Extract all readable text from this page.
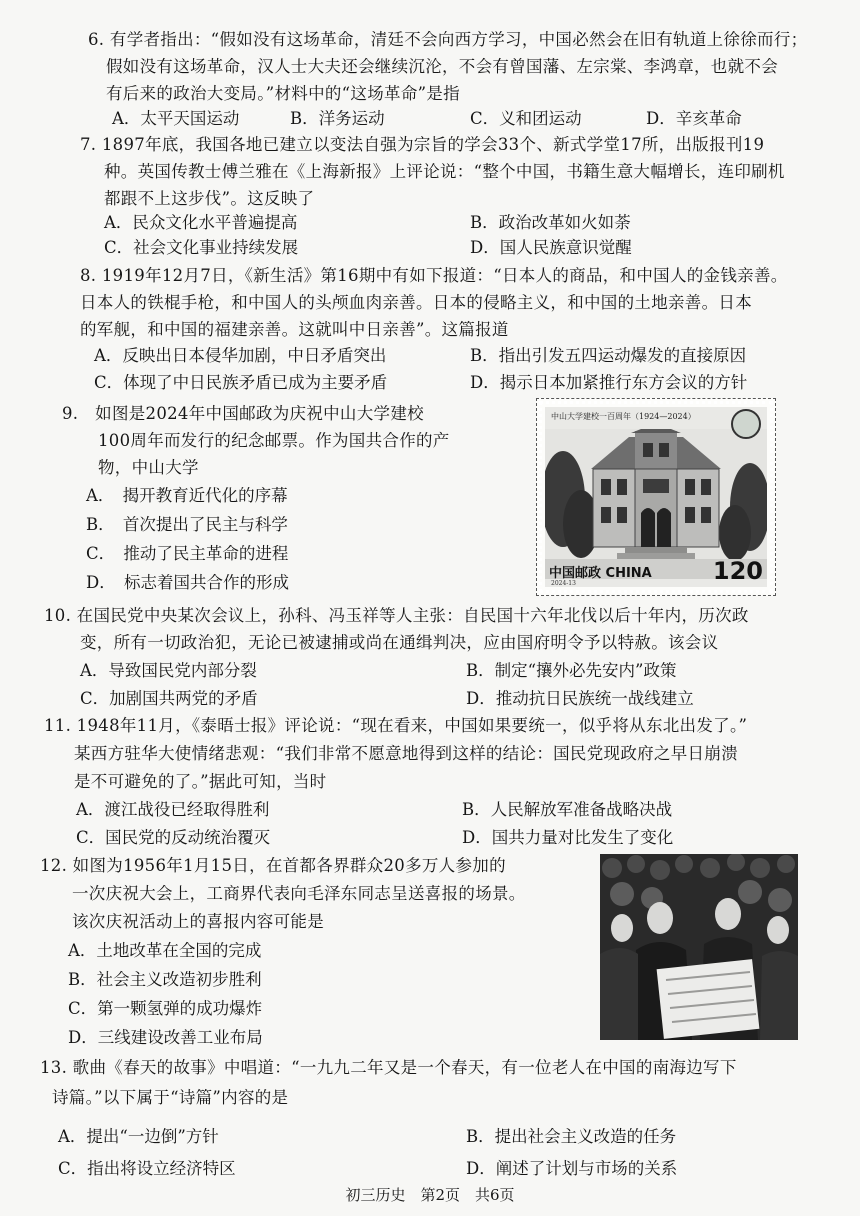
6. 有学者指出：“假如没有这场革命，清廷不会向西方学习，中国必然会在旧有轨道上徐徐而行；
假如没有这场革命，汉人士大夫还会继续沉沦，不会有曾国藩、左宗棠、李鸿章，也就不会
有后来的政治大变局。”材料中的“这场革命”是指
A．太平天国运动	B．洋务运动	C．义和团运动	D．辛亥革命
7. 1897年底，我国各地已建立以变法自强为宗旨的学会33个、新式学堂17所，出版报刊19
种。英国传教士傅兰雅在《上海新报》上评论说：“整个中国，书籍生意大幅增长，连印刷机
都跟不上这步伐”。这反映了
A．民众文化水平普遍提高	B．政治改革如火如荼
C．社会文化事业持续发展	D．国人民族意识觉醒
8. 1919年12月7日，《新生活》第16期中有如下报道：“日本人的商品，和中国人的金钱亲善。
日本人的铁棍手枪，和中国人的头颅血肉亲善。日本的侵略主义，和中国的土地亲善。日本
的军舰，和中国的福建亲善。这就叫中日亲善”。这篇报道
A．反映出日本侵华加剧，中日矛盾突出	B．指出引发五四运动爆发的直接原因
C．体现了中日民族矛盾已成为主要矛盾	D．揭示日本加紧推行东方会议的方针
9.　如图是2024年中国邮政为庆祝中山大学建校
100周年而发行的纪念邮票。作为国共合作的产
物，中山大学
A．　揭开教育近代化的序幕
B．　首次提出了民主与科学
C．　推动了民主革命的进程
D．　标志着国共合作的形成
中山大学建校一百周年（1924—2024）
中国邮政 CHINA	120
2024-13
10. 在国民党中央某次会议上，孙科、冯玉祥等人主张：自民国十六年北伐以后十年内，历次政
变，所有一切政治犯，无论已被逮捕或尚在通缉判决，应由国府明令予以特赦。该会议
A．导致国民党内部分裂	B．制定“攘外必先安内”政策
C．加剧国共两党的矛盾	D．推动抗日民族统一战线建立
11. 1948年11月，《泰晤士报》评论说：“现在看来，中国如果要统一，似乎将从东北出发了。”
某西方驻华大使情绪悲观：“我们非常不愿意地得到这样的结论：国民党现政府之早日崩溃
是不可避免的了。”据此可知，当时
A．渡江战役已经取得胜利	B．人民解放军准备战略决战
C．国民党的反动统治覆灭	D．国共力量对比发生了变化
12. 如图为1956年1月15日，在首都各界群众20多万人参加的
一次庆祝大会上，工商界代表向毛泽东同志呈送喜报的场景。
该次庆祝活动上的喜报内容可能是
A．土地改革在全国的完成
B．社会主义改造初步胜利
C．第一颗氢弹的成功爆炸
D．三线建设改善工业布局
13. 歌曲《春天的故事》中唱道：“一九九二年又是一个春天，有一位老人在中国的南海边写下
诗篇。”以下属于“诗篇”内容的是
A．提出“一边倒”方针	B．提出社会主义改造的任务
C．指出将设立经济特区	D．阐述了计划与市场的关系
初三历史　第2页　共6页
